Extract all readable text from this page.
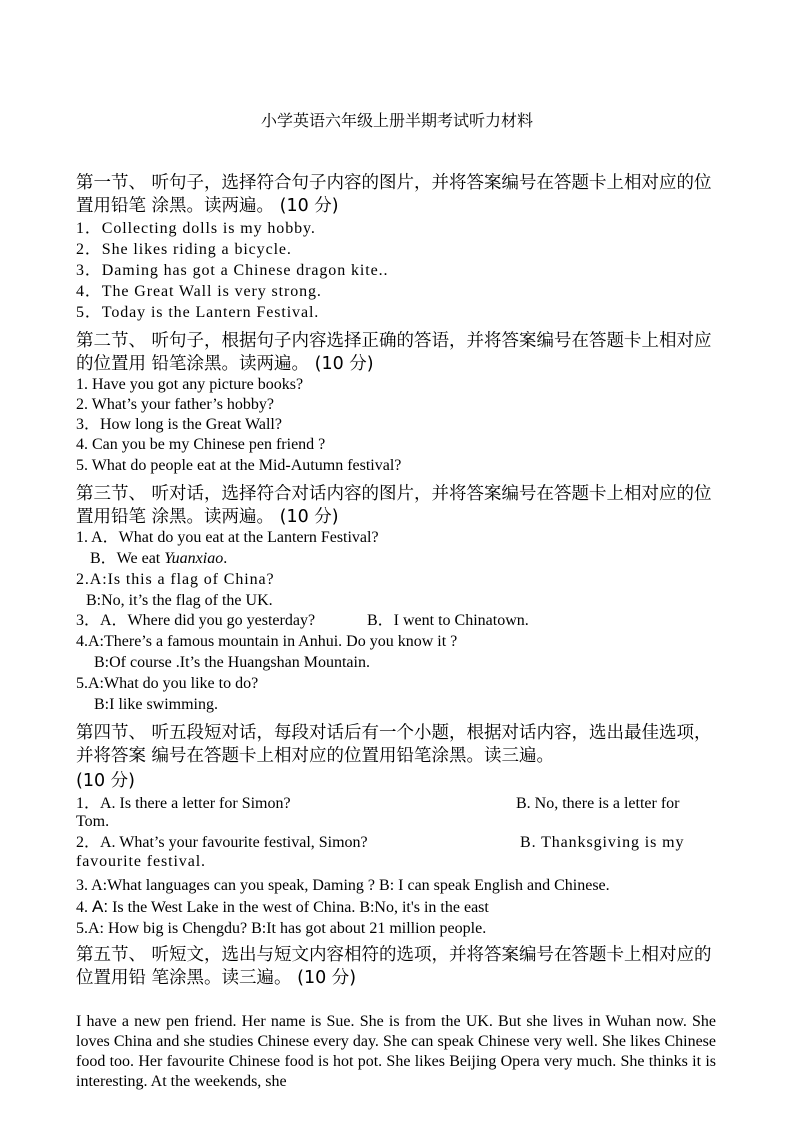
小学英语六年级上册半期考试听力材料
第一节、 听句子，选择符合句子内容的图片，并将答案编号在答题卡上相对应的位置用铅笔 涂黑。读两遍。 (10 分)
1．Collecting dolls is my hobby.
2．She likes riding a bicycle.
3．Daming has got a Chinese dragon kite..
4．The Great Wall is very strong.
5．Today is the Lantern Festival.
第二节、 听句子，根据句子内容选择正确的答语，并将答案编号在答题卡上相对应的位置用 铅笔涂黑。读两遍。 (10 分)
1. Have you got any picture books?
2. What’s your father’s hobby?
3．How long is the Great Wall?
4. Can you be my Chinese pen friend ?
5. What do people eat at the Mid-Autumn festival?
第三节、 听对话，选择符合对话内容的图片，并将答案编号在答题卡上相对应的位置用铅笔 涂黑。读两遍。 (10 分)
1. A．What do you eat at the Lantern Festival?
B．We eat Yuanxiao.
2.A:Is this a flag of China?
B:No, it’s the flag of the UK.
3．A．Where did you go yesterday?	B．I went to Chinatown.
4.A:There’s a famous mountain in Anhui. Do you know it ?
B:Of course .It’s the Huangshan Mountain.
5.A:What do you like to do?
B:I like swimming.
第四节、 听五段短对话，每段对话后有一个小题，根据对话内容，选出最佳选项，并将答案 编号在答题卡上相对应的位置用铅笔涂黑。读三遍。
(10 分)
1．A. Is there a letter for Simon?	B. No, there is a letter for
Tom.
2．A. What’s your favourite festival, Simon?	B. Thanksgiving is my
favourite festival.
3. A:What languages can you speak, Daming ? B: I can speak English and Chinese.
4. A: Is the West Lake in the west of China. B:No, it's in the east
5.A: How big is Chengdu? B:It has got about 21 million people.
第五节、 听短文，选出与短文内容相符的选项，并将答案编号在答题卡上相对应的位置用铅 笔涂黑。读三遍。 (10 分)
I have a new pen friend. Her name is Sue. She is from the UK. But she lives in Wuhan now. She loves China and she studies Chinese every day. She can speak Chinese very well. She likes Chinese food too. Her favourite Chinese food is hot pot. She likes Beijing Opera very much. She thinks it is interesting. At the weekends, she
